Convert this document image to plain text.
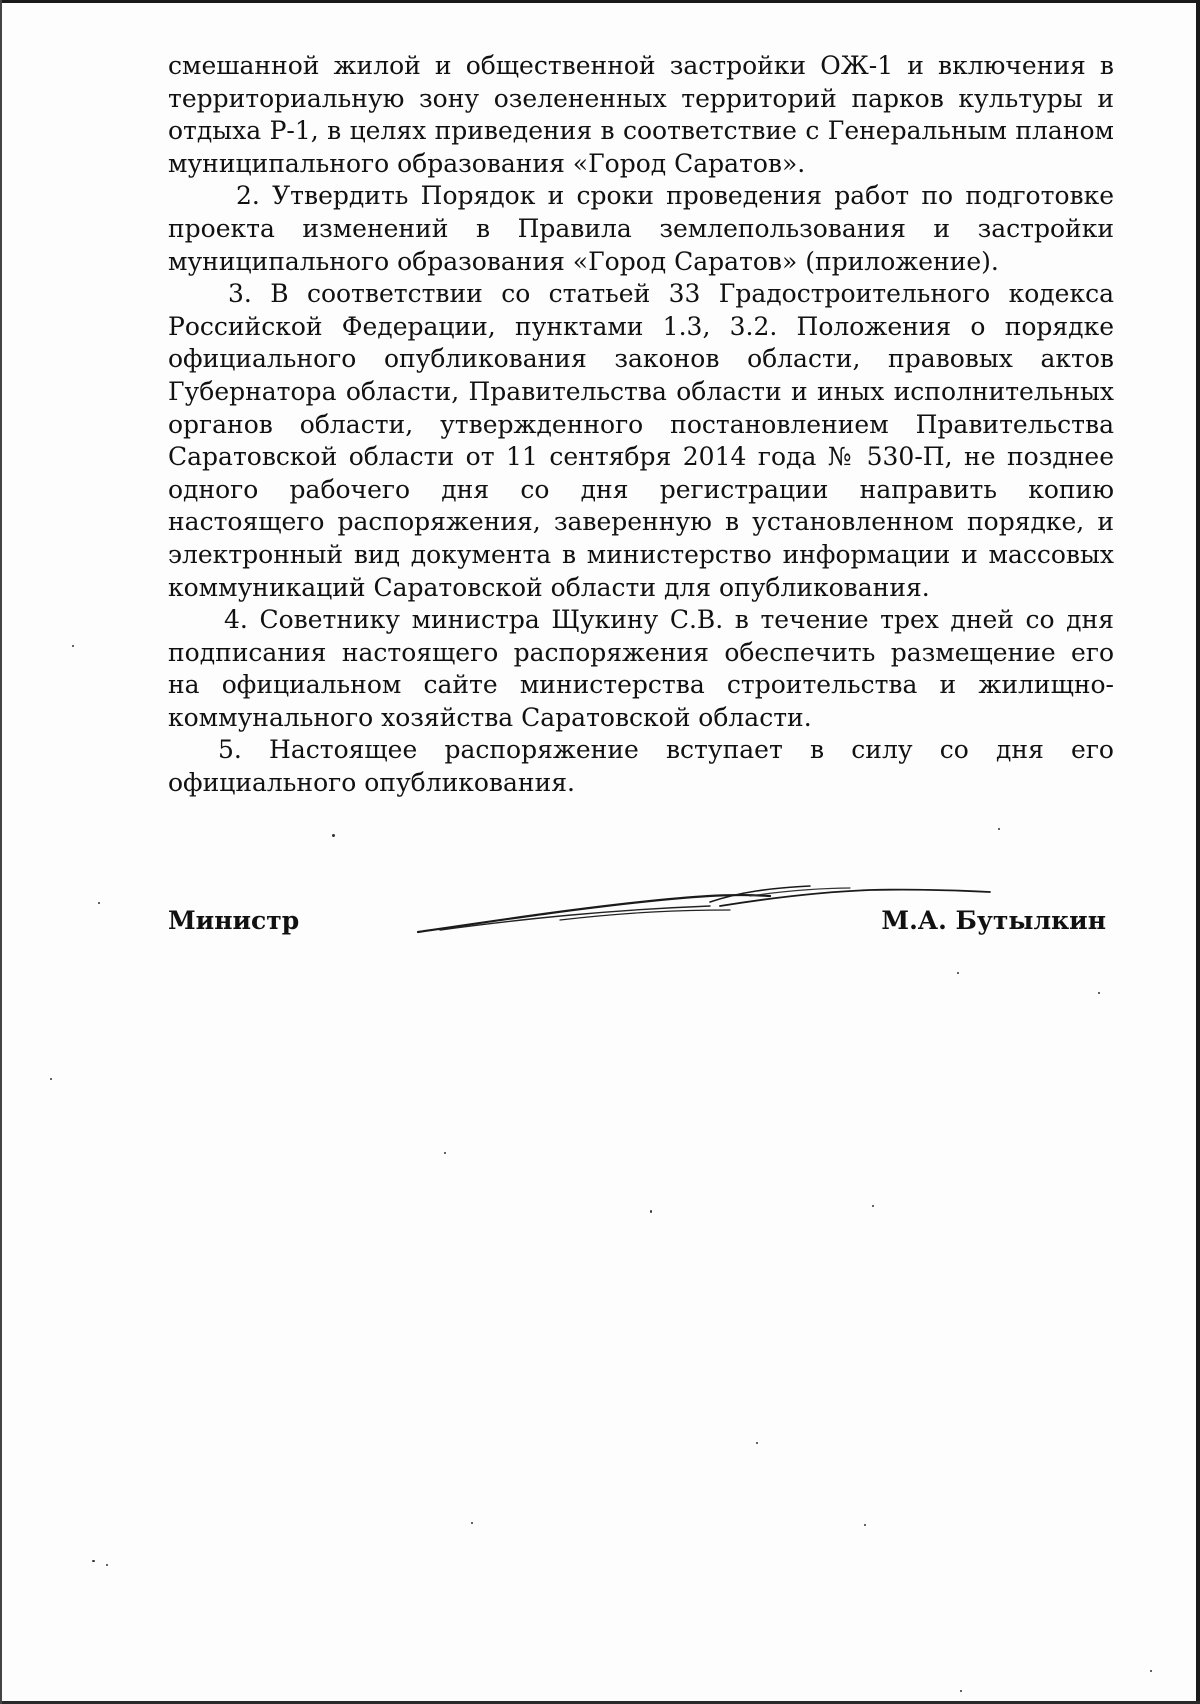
смешанной жилой и общественной застройки ОЖ-1 и включения в территориальную зону озелененных территорий парков культуры и отдыха Р-1, в целях приведения в соответствие с Генеральным планом муниципального образования «Город Саратов».

2. Утвердить Порядок и сроки проведения работ по подготовке проекта изменений в Правила землепользования и застройки муниципального образования «Город Саратов» (приложение).

3. В соответствии со статьей 33 Градостроительного кодекса Российской Федерации, пунктами 1.3, 3.2. Положения о порядке официального опубликования законов области, правовых актов Губернатора области, Правительства области и иных исполнительных органов области, утвержденного постановлением Правительства Саратовской области от 11 сентября 2014 года № 530-П, не позднее одного рабочего дня со дня регистрации направить копию настоящего распоряжения, заверенную в установленном порядке, и электронный вид документа в министерство информации и массовых коммуникаций Саратовской области для опубликования.

4. Советнику министра Щукину С.В. в течение трех дней со дня подписания настоящего распоряжения обеспечить размещение его на официальном сайте министерства строительства и жилищно-коммунального хозяйства Саратовской области.

5. Настоящее распоряжение вступает в силу со дня его официального опубликования.

Министр	М.А. Бутылкин
